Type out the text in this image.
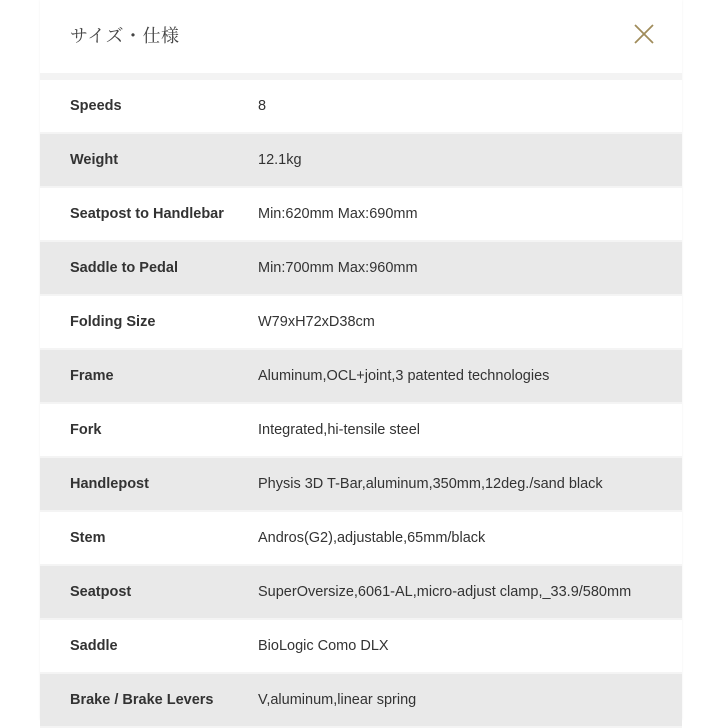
サイズ・仕様
Speeds	8
Weight	12.1kg
Seatpost to Handlebar	Min:620mm Max:690mm
Saddle to Pedal	Min:700mm Max:960mm
Folding Size	W79xH72xD38cm
Frame	Aluminum,OCL+joint,3 patented technologies
Fork	Integrated,hi-tensile steel
Handlepost	Physis 3D T-Bar,aluminum,350mm,12deg./sand black
Stem	Andros(G2),adjustable,65mm/black
Seatpost	SuperOversize,6061-AL,micro-adjust clamp,_33.9/580mm
Saddle	BioLogic Como DLX
Brake / Brake Levers	V,aluminum,linear spring
